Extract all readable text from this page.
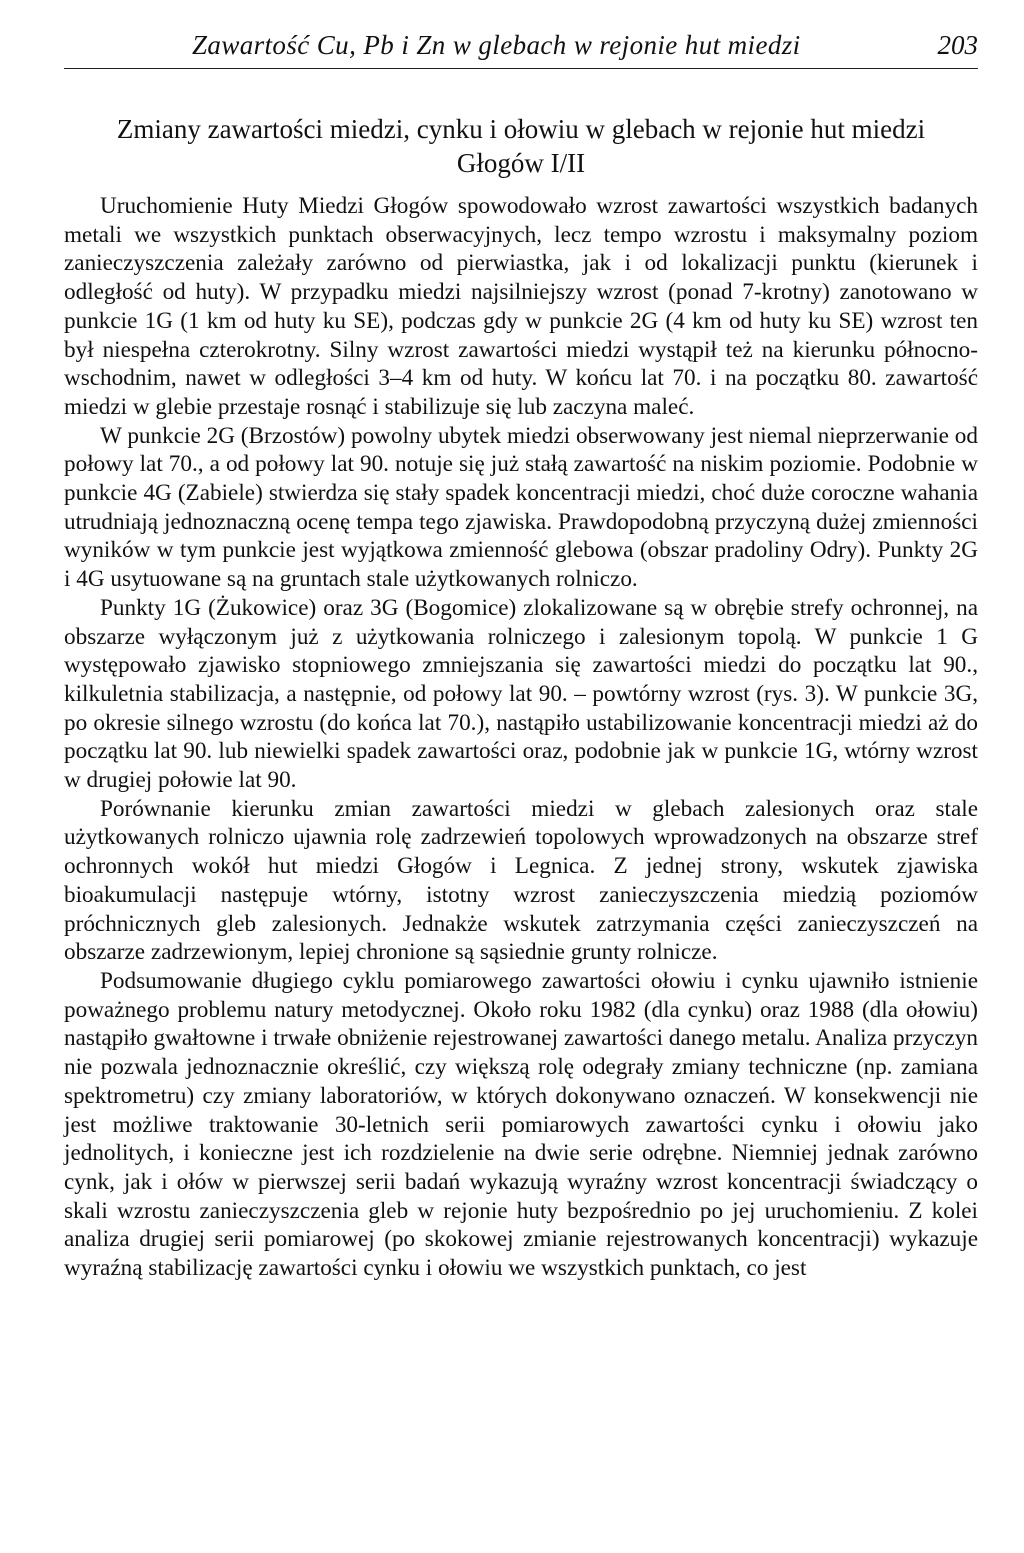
Zawartość Cu, Pb i Zn w glebach w rejonie hut miedzi	203
Zmiany zawartości miedzi, cynku i ołowiu w glebach w rejonie hut miedzi
Głogów I/II

Uruchomienie Huty Miedzi Głogów spowodowało wzrost zawartości wszystkich badanych metali we wszystkich punktach obserwacyjnych, lecz tempo wzrostu i maksymalny poziom zanieczyszczenia zależały zarówno od pierwiastka, jak i od lokalizacji punktu (kierunek i odległość od huty). W przypadku miedzi najsilniejszy wzrost (ponad 7-krotny) zanotowano w punkcie 1G (1 km od huty ku SE), podczas gdy w punkcie 2G (4 km od huty ku SE) wzrost ten był niespełna czterokrotny. Silny wzrost zawartości miedzi wystąpił też na kierunku północno-wschodnim, nawet w odległości 3–4 km od huty. W końcu lat 70. i na początku 80. zawartość miedzi w glebie przestaje rosnąć i stabilizuje się lub zaczyna maleć.

W punkcie 2G (Brzostów) powolny ubytek miedzi obserwowany jest niemal nieprzerwanie od połowy lat 70., a od połowy lat 90. notuje się już stałą zawartość na niskim poziomie. Podobnie w punkcie 4G (Zabiele) stwierdza się stały spadek koncentracji miedzi, choć duże coroczne wahania utrudniają jednoznaczną ocenę tempa tego zjawiska. Prawdopodobną przyczyną dużej zmienności wyników w tym punkcie jest wyjątkowa zmienność glebowa (obszar pradoliny Odry). Punkty 2G i 4G usytuowane są na gruntach stale użytkowanych rolniczo.

Punkty 1G (Żukowice) oraz 3G (Bogomice) zlokalizowane są w obrębie strefy ochronnej, na obszarze wyłączonym już z użytkowania rolniczego i zalesionym topolą. W punkcie 1 G występowało zjawisko stopniowego zmniejszania się zawartości miedzi do początku lat 90., kilkuletnia stabilizacja, a następnie, od połowy lat 90. – powtórny wzrost (rys. 3). W punkcie 3G, po okresie silnego wzrostu (do końca lat 70.), nastąpiło ustabilizowanie koncentracji miedzi aż do początku lat 90. lub niewielki spadek zawartości oraz, podobnie jak w punkcie 1G, wtórny wzrost w drugiej połowie lat 90.

Porównanie kierunku zmian zawartości miedzi w glebach zalesionych oraz stale użytkowanych rolniczo ujawnia rolę zadrzewień topolowych wprowadzonych na obszarze stref ochronnych wokół hut miedzi Głogów i Legnica. Z jednej strony, wskutek zjawiska bioakumulacji następuje wtórny, istotny wzrost zanieczyszczenia miedzią poziomów próchnicznych gleb zalesionych. Jednakże wskutek zatrzymania części zanieczyszczeń na obszarze zadrzewionym, lepiej chronione są sąsiednie grunty rolnicze.

Podsumowanie długiego cyklu pomiarowego zawartości ołowiu i cynku ujawniło istnienie poważnego problemu natury metodycznej. Około roku 1982 (dla cynku) oraz 1988 (dla ołowiu) nastąpiło gwałtowne i trwałe obniżenie rejestrowanej zawartości danego metalu. Analiza przyczyn nie pozwala jednoznacznie określić, czy większą rolę odegrały zmiany techniczne (np. zamiana spektrometru) czy zmiany laboratoriów, w których dokonywano oznaczeń. W konsekwencji nie jest możliwe traktowanie 30-letnich serii pomiarowych zawartości cynku i ołowiu jako jednolitych, i konieczne jest ich rozdzielenie na dwie serie odrębne. Niemniej jednak zarówno cynk, jak i ołów w pierwszej serii badań wykazują wyraźny wzrost koncentracji świadczący o skali wzrostu zanieczyszczenia gleb w rejonie huty bezpośrednio po jej uruchomieniu. Z kolei analiza drugiej serii pomiarowej (po skokowej zmianie rejestrowanych koncentracji) wykazuje wyraźną stabilizację zawartości cynku i ołowiu we wszystkich punktach, co jest
